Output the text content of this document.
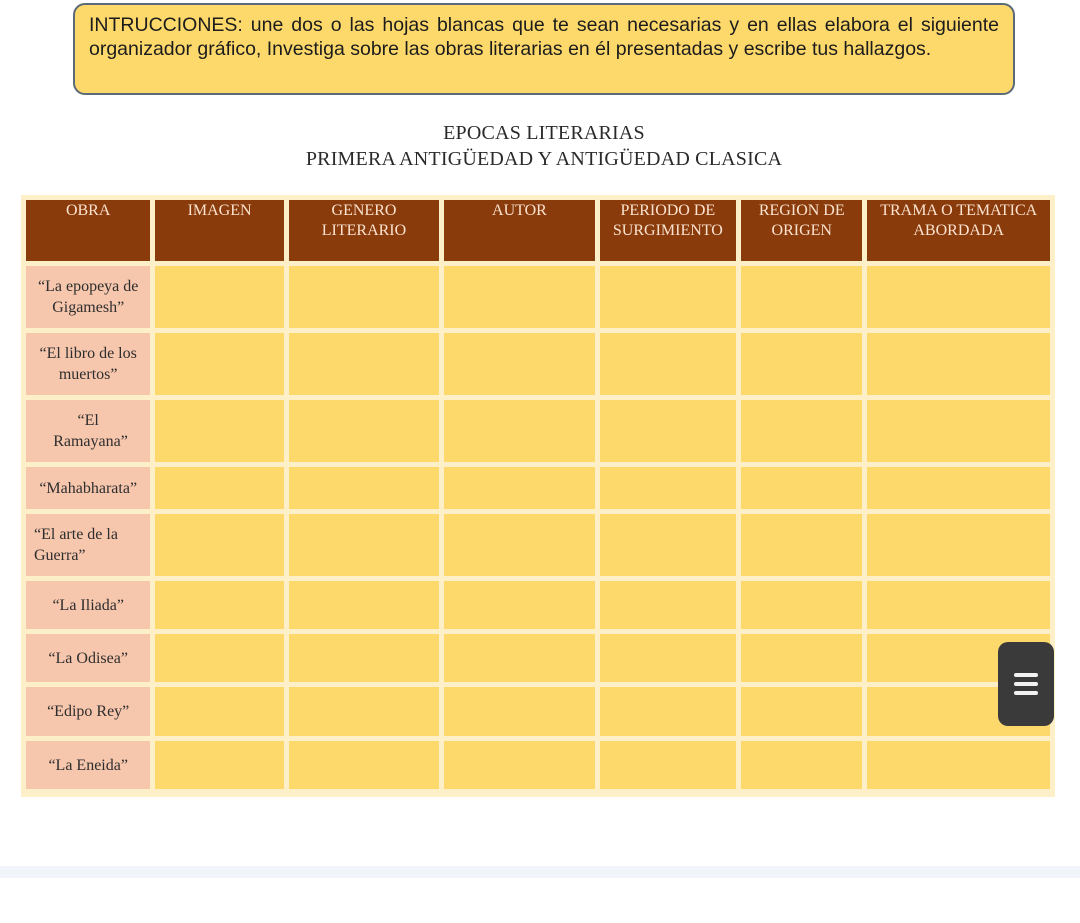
INTRUCCIONES: une dos o las hojas blancas que te sean necesarias y en ellas elabora el siguiente organizador gráfico, Investiga sobre las obras literarias en él presentadas y escribe tus hallazgos.
EPOCAS LITERARIAS
PRIMERA ANTIGÜEDAD Y ANTIGÜEDAD CLASICA
OBRA	IMAGEN	GENERO LITERARIO	AUTOR	PERIODO DE SURGIMIENTO	REGION DE ORIGEN	TRAMA O TEMATICA ABORDADA
“La epopeya de Gigamesh”						
“El libro de los muertos”						
“El Ramayana”						
“Mahabharata”						
“El arte de la Guerra”						
“La Iliada”						
“La Odisea”						
“Edipo Rey”						
“La Eneida”						
